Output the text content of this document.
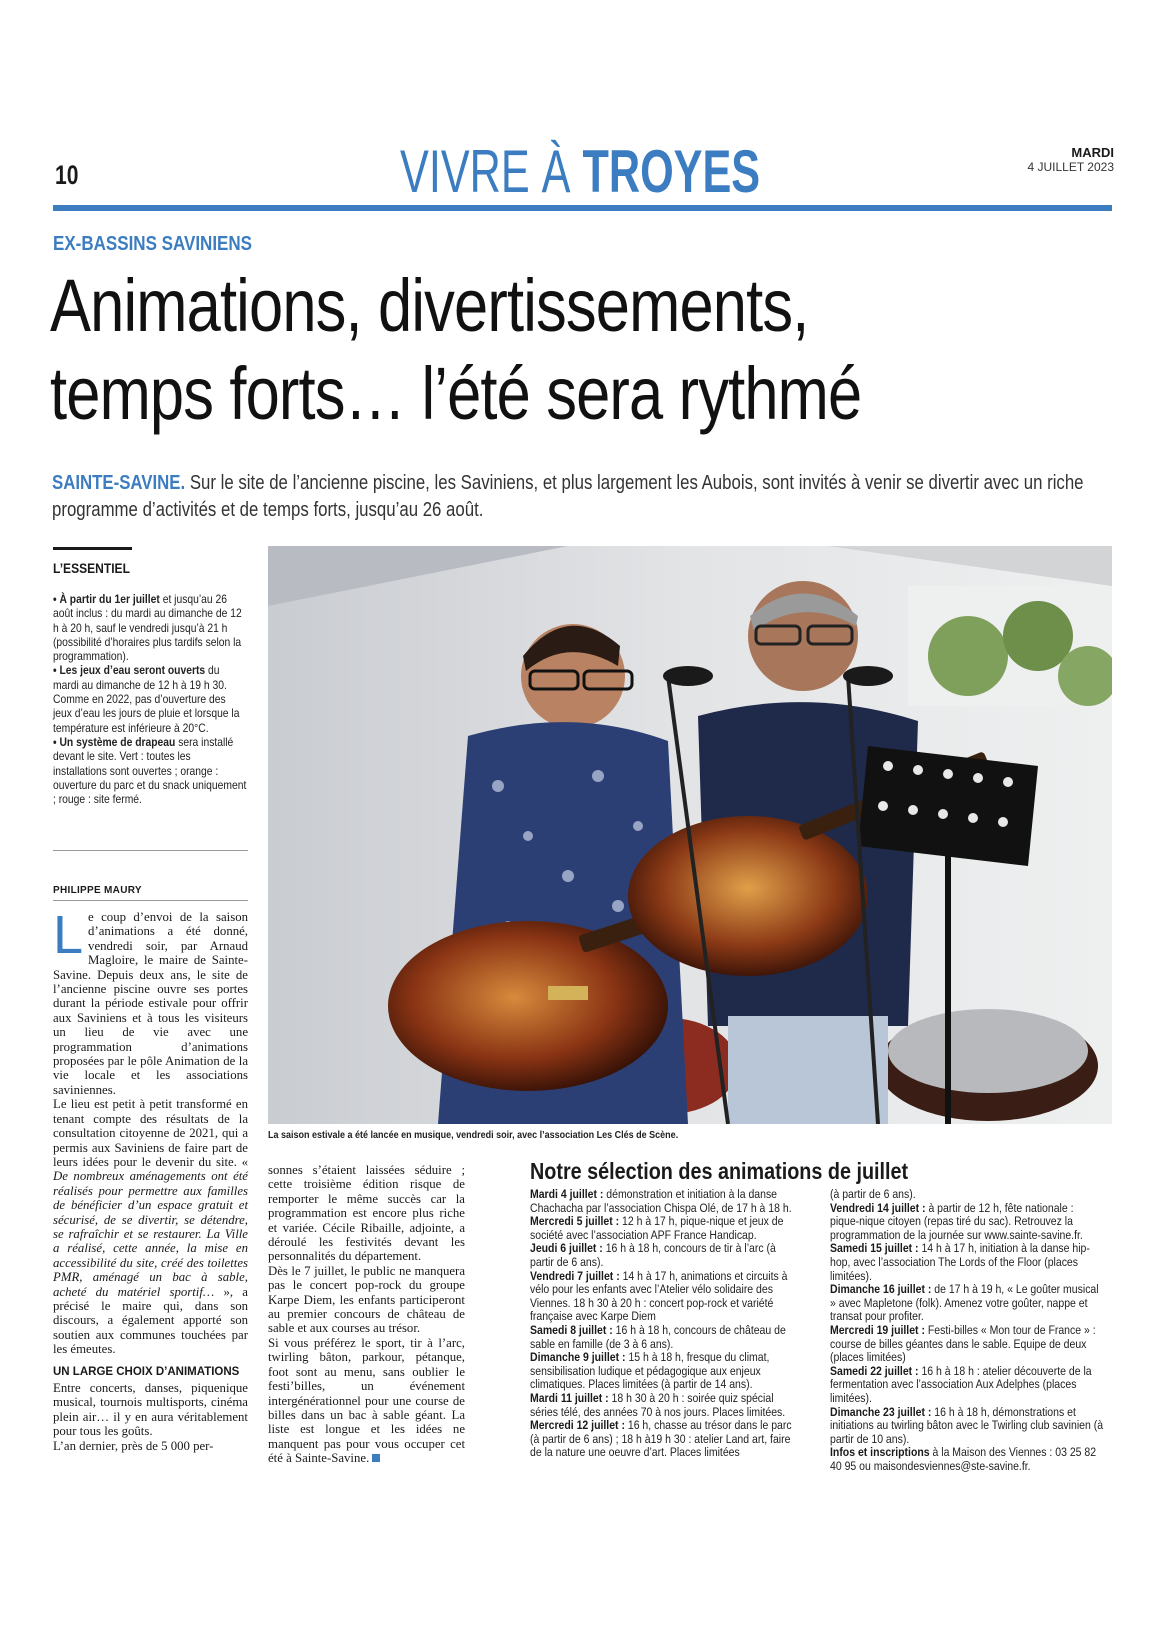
10	VIVRE À TROYES	MARDI
4 JUILLET 2023
EX-BASSINS SAVINIENS
Animations, divertissements,
temps forts… l’été sera rythmé
SAINTE-SAVINE. Sur le site de l’ancienne piscine, les Saviniens, et plus largement les Aubois, sont invités à venir se divertir avec un riche programme d’activités et de temps forts, jusqu’au 26 août.
L’ESSENTIEL

• À partir du 1er juillet et jusqu’au 26 août inclus : du mardi au dimanche de 12 h à 20 h, sauf le vendredi jusqu’à 21 h (possibilité d’horaires plus tardifs selon la programmation).

• Les jeux d’eau seront ouverts du mardi au dimanche de 12 h à 19 h 30. Comme en 2022, pas d’ouverture des jeux d’eau les jours de pluie et lorsque la température est inférieure à 20°C.

• Un système de drapeau sera installé devant le site. Vert : toutes les installations sont ouvertes ; orange : ouverture du parc et du snack uniquement ; rouge : site fermé.

PHILIPPE MAURY

Le coup d’envoi de la saison d’animations a été donné, vendredi soir, par Arnaud Magloire, le maire de Sainte-Savine. Depuis deux ans, le site de l’ancienne piscine ouvre ses portes durant la période estivale pour offrir aux Saviniens et à tous les visiteurs un lieu de vie avec une programmation d’animations proposées par le pôle Animation de la vie locale et les associations saviniennes.

Le lieu est petit à petit transformé en tenant compte des résultats de la consultation citoyenne de 2021, qui a permis aux Saviniens de faire part de leurs idées pour le devenir du site. « De nombreux aménagements ont été réalisés pour permettre aux familles de bénéficier d’un espace gratuit et sécurisé, de se divertir, se détendre, se rafraîchir et se restaurer. La Ville a réalisé, cette année, la mise en accessibilité du site, créé des toilettes PMR, aménagé un bac à sable, acheté du matériel sportif… », a précisé le maire qui, dans son discours, a également apporté son soutien aux communes touchées par les émeutes.

UN LARGE CHOIX D’ANIMATIONS

Entre concerts, danses, piquenique musical, tournois multisports, cinéma plein air… il y en aura véritablement pour tous les goûts.

L’an dernier, près de 5 000 per-

sonnes s’étaient laissées séduire ; cette troisième édition risque de remporter le même succès car la programmation est encore plus riche et variée. Cécile Ribaille, adjointe, a déroulé les festivités devant les personnalités du département.

Dès le 7 juillet, le public ne manquera pas le concert pop-rock du groupe Karpe Diem, les enfants participeront au premier concours de château de sable et aux courses au trésor.

Si vous préférez le sport, tir à l’arc, twirling bâton, parkour, pétanque, foot sont au menu, sans oublier le festi’billes, un événement intergénérationnel pour une course de billes dans un bac à sable géant. La liste est longue et les idées ne manquent pas pour vous occuper cet été à Sainte-Savine.

La saison estivale a été lancée en musique, vendredi soir, avec l’association Les Clés de Scène.
Notre sélection des animations de juillet

Mardi 4 juillet : démonstration et initiation à la danse Chachacha par l’association Chispa Olé, de 17 h à 18 h.

Mercredi 5 juillet : 12 h à 17 h, pique-nique et jeux de société avec l’association APF France Handicap.

Jeudi 6 juillet : 16 h à 18 h, concours de tir à l’arc (à partir de 6 ans).

Vendredi 7 juillet : 14 h à 17 h, animations et circuits à vélo pour les enfants avec l’Atelier vélo solidaire des Viennes. 18 h 30 à 20 h : concert pop-rock et variété française avec Karpe Diem

Samedi 8 juillet : 16 h à 18 h, concours de château de sable en famille (de 3 à 6 ans).

Dimanche 9 juillet : 15 h à 18 h, fresque du climat, sensibilisation ludique et pédagogique aux enjeux climatiques. Places limitées (à partir de 14 ans).

Mardi 11 juillet : 18 h 30 à 20 h : soirée quiz spécial séries télé, des années 70 à nos jours. Places limitées.

Mercredi 12 juillet : 16 h, chasse au trésor dans le parc (à partir de 6 ans) ; 18 h à19 h 30 : atelier Land art, faire de la nature une oeuvre d’art. Places limitées

(à partir de 6 ans).

Vendredi 14 juillet : à partir de 12 h, fête nationale : pique-nique citoyen (repas tiré du sac). Retrouvez la programmation de la journée sur www.sainte-savine.fr.

Samedi 15 juillet : 14 h à 17 h, initiation à la danse hip-hop, avec l’association The Lords of the Floor (places limitées).

Dimanche 16 juillet : de 17 h à 19 h, « Le goûter musical » avec Mapletone (folk). Amenez votre goûter, nappe et transat pour profiter.

Mercredi 19 juillet : Festi-billes « Mon tour de France » : course de billes géantes dans le sable. Equipe de deux (places limitées)

Samedi 22 juillet : 16 h à 18 h : atelier découverte de la fermentation avec l’association Aux Adelphes (places limitées).

Dimanche 23 juillet : 16 h à 18 h, démonstrations et initiations au twirling bâton avec le Twirling club savinien (à partir de 10 ans).

Infos et inscriptions à la Maison des Viennes : 03 25 82 40 95 ou maisondesviennes@ste-savine.fr.
